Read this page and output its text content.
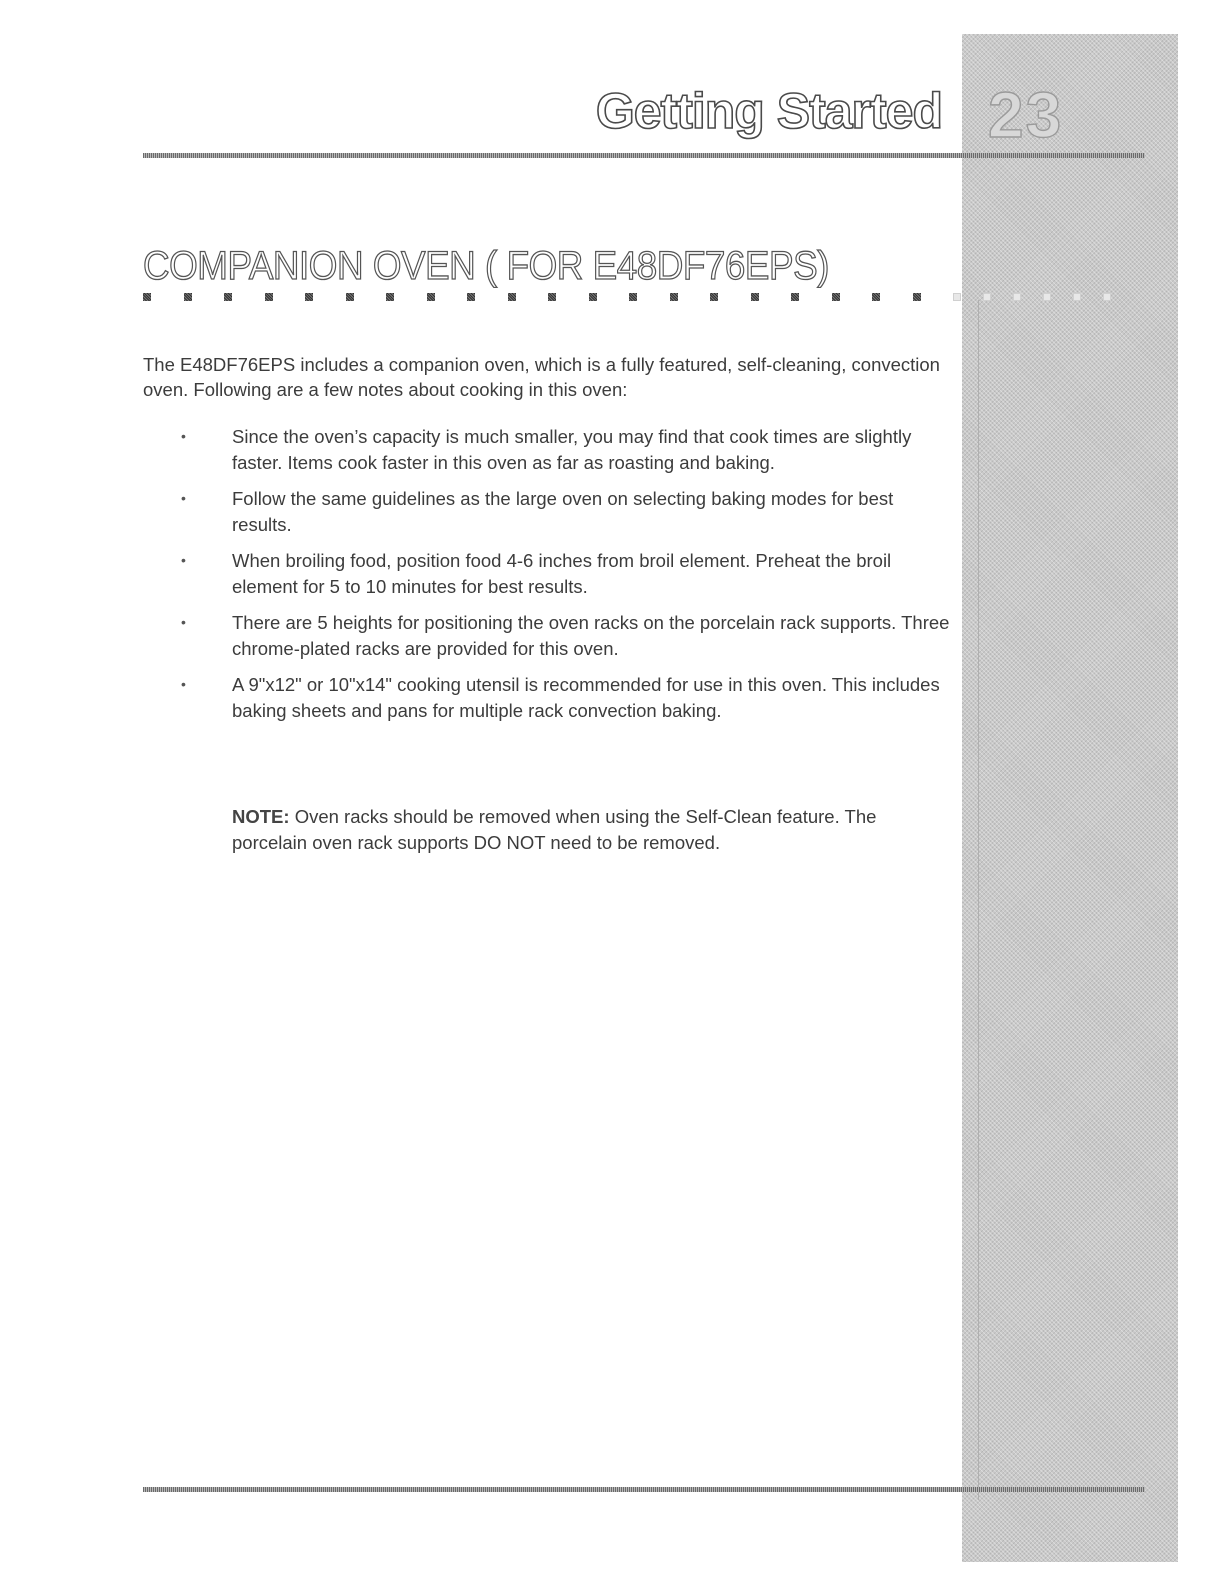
Getting Started 23
COMPANION OVEN ( FOR E48DF76EPS)

The E48DF76EPS includes a companion oven, which is a fully featured, self-cleaning, convection oven. Following are a few notes about cooking in this oven:

• Since the oven’s capacity is much smaller, you may find that cook times are slightly faster. Items cook faster in this oven as far as roasting and baking.
• Follow the same guidelines as the large oven on selecting baking modes for best results.
• When broiling food, position food 4-6 inches from broil element. Preheat the broil element for 5 to 10 minutes for best results.
• There are 5 heights for positioning the oven racks on the porcelain rack supports. Three chrome-plated racks are provided for this oven.
• A 9"x12" or 10"x14" cooking utensil is recommended for use in this oven. This includes baking sheets and pans for multiple rack convection baking.

NOTE: Oven racks should be removed when using the Self-Clean feature. The porcelain oven rack supports DO NOT need to be removed.
